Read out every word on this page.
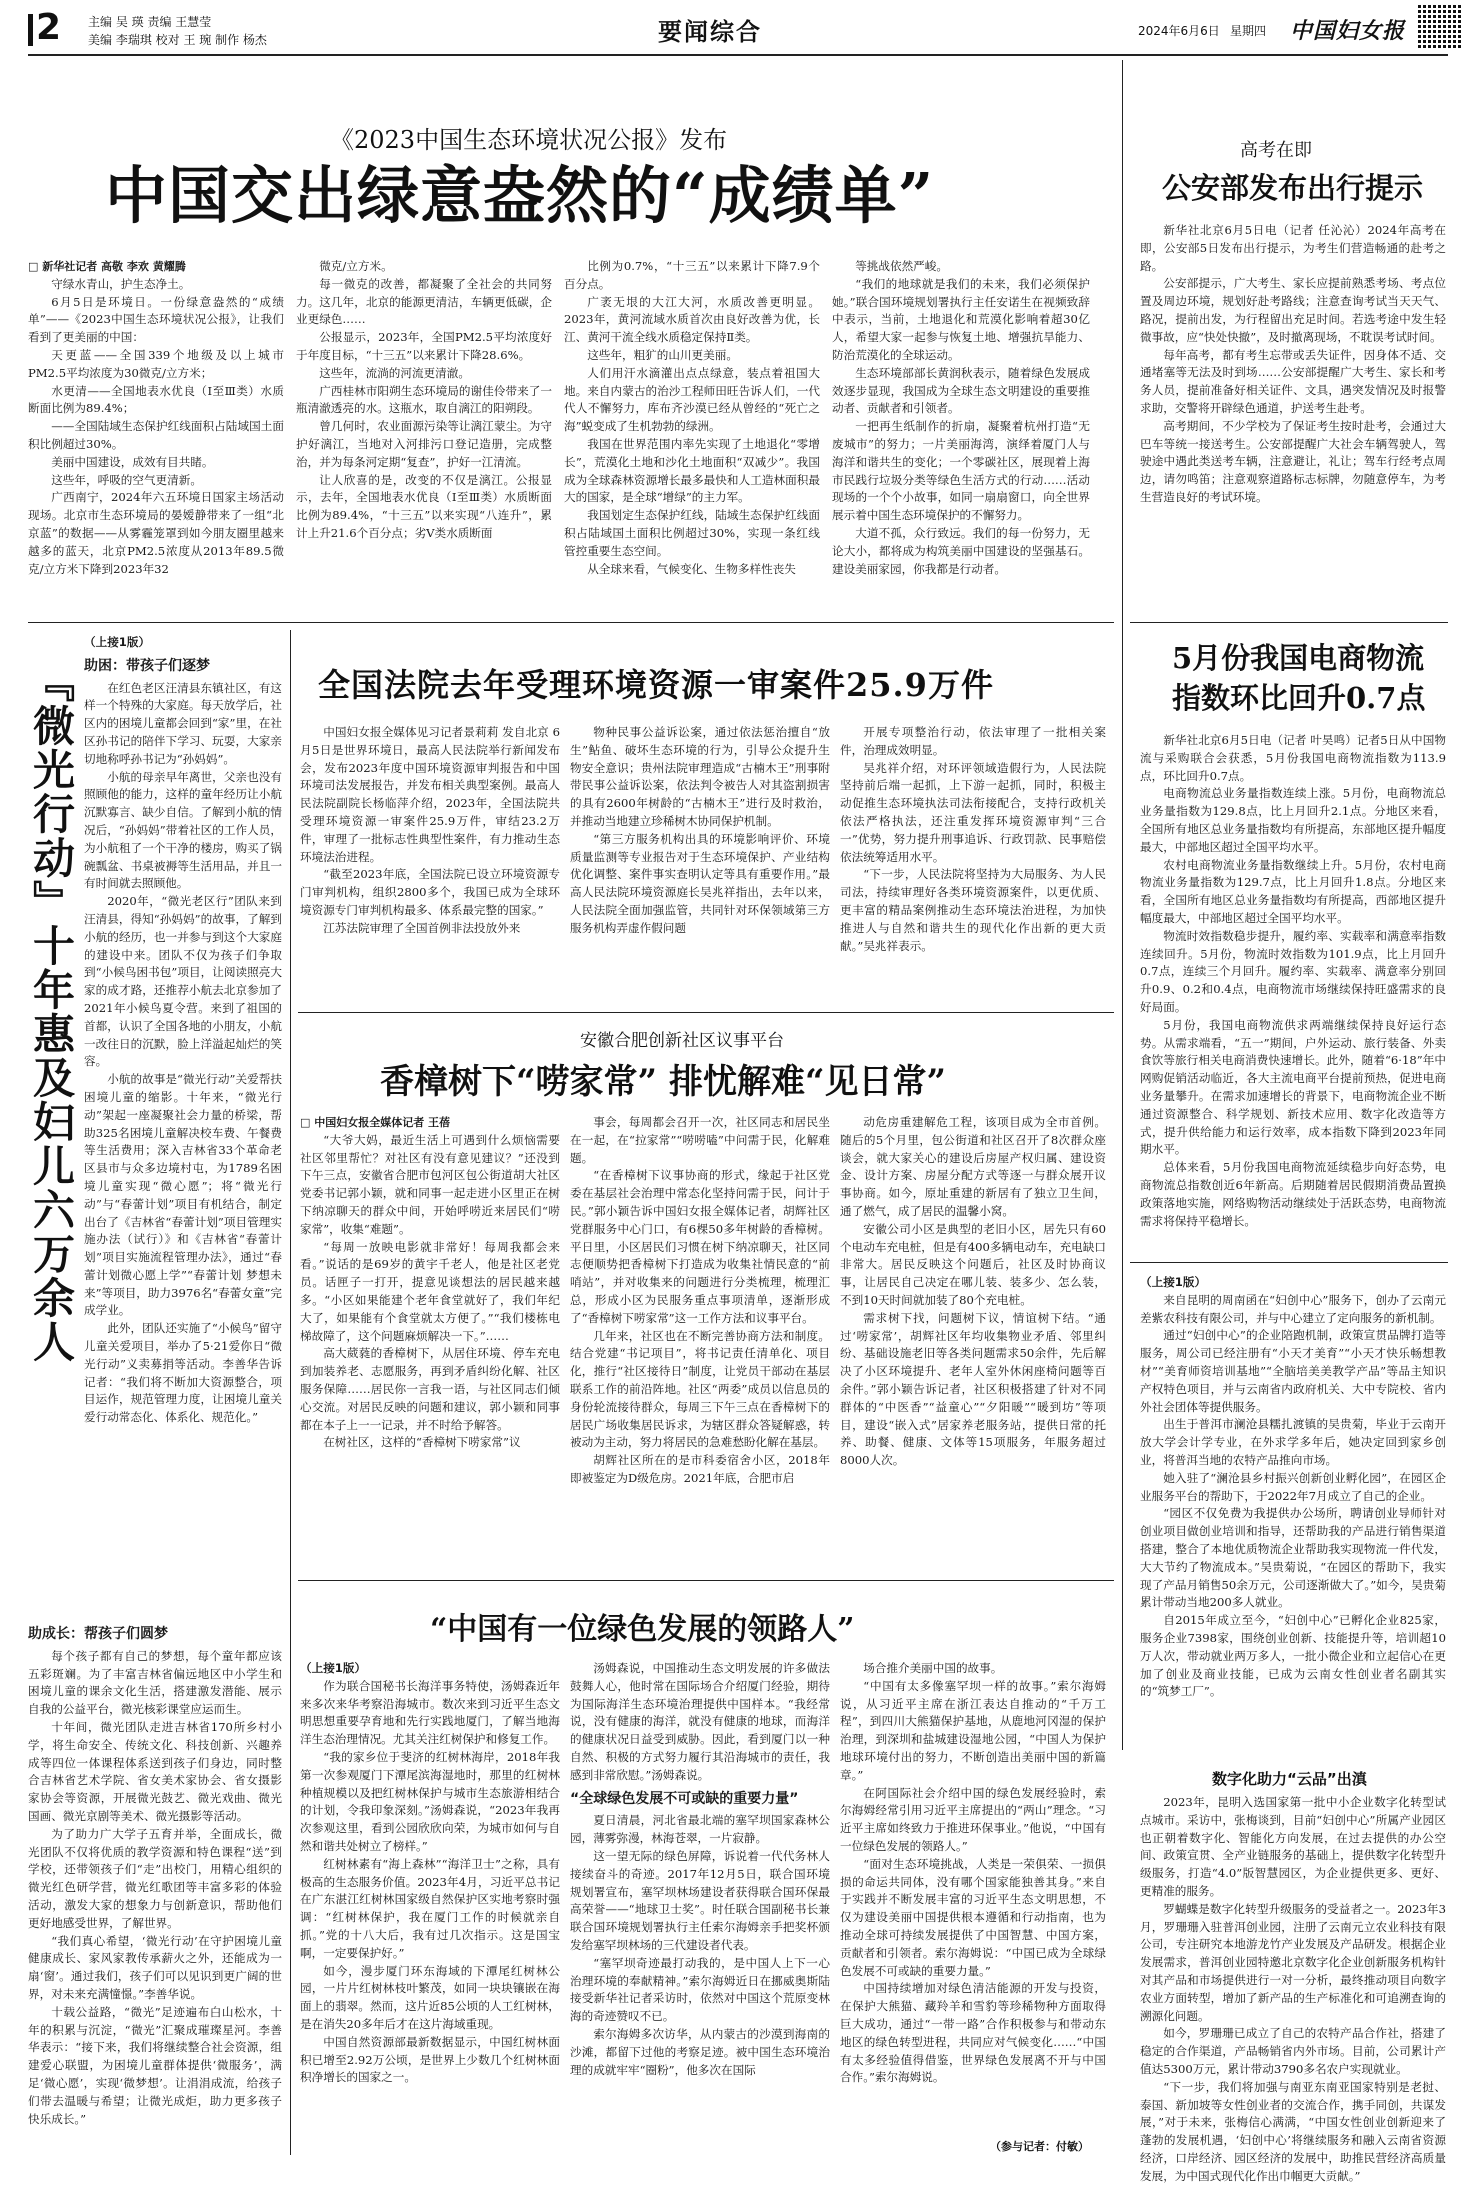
2 主编 吴 瑛 责编 王慧莹
美编 李瑞琪 校对 王 琬 制作 杨杰	要闻综合	2024年6月6日 星期四 中国妇女报
《2023中国生态环境状况公报》发布
中国交出绿意盎然的“成绩单”

□ 新华社记者 高敬 李欢 黄耀腾

守绿水青山，护生态净土。

6月5日是环境日。一份绿意盎然的“成绩单”——《2023中国生态环境状况公报》，让我们看到了更美丽的中国：

天更蓝——全国339个地级及以上城市PM2.5平均浓度为30微克/立方米；

水更清——全国地表水优良（Ⅰ至Ⅲ类）水质断面比例为89.4%；

——全国陆域生态保护红线面积占陆域国土面积比例超过30%。

美丽中国建设，成效有目共睹。

这些年，呼吸的空气更清新。

广西南宁，2024年六五环境日国家主场活动现场。北京市生态环境局的晏嫒静带来了一组“北京蓝”的数据——从雾霾笼罩到如今朋友圈里越来越多的蓝天，北京PM2.5浓度从2013年89.5微克/立方米下降到2023年32

微克/立方米。

每一微克的改善，都凝聚了全社会的共同努力。这几年，北京的能源更清洁，车辆更低碳，企业更绿色……

公报显示，2023年，全国PM2.5平均浓度好于年度目标，“十三五”以来累计下降28.6%。

这些年，流淌的河流更清澈。

广西桂林市阳朔生态环境局的谢佳伶带来了一瓶清澈透亮的水。这瓶水，取自漓江的阳朔段。

曾几何时，农业面源污染等让漓江蒙尘。为守护好漓江，当地对入河排污口登记造册，完成整治，并为每条河定期“复查”，护好一江清流。

让人欣喜的是，改变的不仅是漓江。公报显示，去年，全国地表水优良（Ⅰ至Ⅲ类）水质断面比例为89.4%，“十三五”以来实现“八连升”，累计上升21.6个百分点；劣Ⅴ类水质断面

比例为0.7%，“十三五”以来累计下降7.9个百分点。

广袤无垠的大江大河，水质改善更明显。2023年，黄河流域水质首次由良好改善为优，长江、黄河干流全线水质稳定保持Ⅱ类。

这些年，粗犷的山川更美丽。

人们用汗水滴灌出点点绿意，装点着祖国大地。来自内蒙古的治沙工程师田旺告诉人们，一代代人不懈努力，库布齐沙漠已经从曾经的“死亡之海”蜕变成了生机勃勃的绿洲。

我国在世界范围内率先实现了土地退化“零增长”，荒漠化土地和沙化土地面积“双减少”。我国成为全球森林资源增长最多最快和人工造林面积最大的国家，是全球“增绿”的主力军。

我国划定生态保护红线，陆域生态保护红线面积占陆域国土面积比例超过30%，实现一条红线管控重要生态空间。

从全球来看，气候变化、生物多样性丧失

等挑战依然严峻。

“我们的地球就是我们的未来，我们必须保护她。”联合国环境规划署执行主任安诺生在视频致辞中表示，当前，土地退化和荒漠化影响着超30亿人，希望大家一起参与恢复土地、增强抗旱能力、防治荒漠化的全球运动。

生态环境部部长黄润秋表示，随着绿色发展成效逐步显现，我国成为全球生态文明建设的重要推动者、贡献者和引领者。

一把再生纸制作的折扇，凝聚着杭州打造“无废城市”的努力；一片美丽海湾，演绎着厦门人与海洋和谐共生的变化；一个零碳社区，展现着上海市民践行垃圾分类等绿色生活方式的行动……活动现场的一个个小故事，如同一扇扇窗口，向全世界展示着中国生态环境保护的不懈努力。

大道不孤，众行致远。我们的每一份努力，无论大小，都将成为构筑美丽中国建设的坚强基石。建设美丽家园，你我都是行动者。

高考在即
公安部发布出行提示

新华社北京6月5日电（记者 任沁沁）2024年高考在即，公安部5日发布出行提示，为考生们营造畅通的赴考之路。

公安部提示，广大考生、家长应提前熟悉考场、考点位置及周边环境，规划好赴考路线；注意查询考试当天天气、路况，提前出发，为行程留出充足时间。若选考途中发生轻微事故，应“快处快撤”，及时撤离现场，不耽误考试时间。

每年高考，都有考生忘带或丢失证件，因身体不适、交通堵塞等无法及时到场……公安部提醒广大考生、家长和考务人员，提前准备好相关证件、文具，遇突发情况及时报警求助，交警将开辟绿色通道，护送考生赴考。

高考期间，不少学校为了保证考生按时赴考，会通过大巴车等统一接送考生。公安部提醒广大社会车辆驾驶人，驾驶途中遇此类送考车辆，注意避让，礼让；驾车行经考点周边，请勿鸣笛；注意观察道路标志标牌，勿随意停车，为考生营造良好的考试环境。

5月份我国电商物流
指数环比回升0.7点

新华社北京6月5日电（记者 叶昊鸣）记者5日从中国物流与采购联合会获悉，5月份我国电商物流指数为113.9点，环比回升0.7点。

电商物流总业务量指数连续上涨。5月份，电商物流总业务量指数为129.8点，比上月回升2.1点。分地区来看，全国所有地区总业务量指数均有所提高，东部地区提升幅度最大，中部地区超过全国平均水平。

农村电商物流业务量指数继续上升。5月份，农村电商物流业务量指数为129.7点，比上月回升1.8点。分地区来看，全国所有地区总业务量指数均有所提高，西部地区提升幅度最大，中部地区超过全国平均水平。

物流时效指数稳步提升，履约率、实载率和满意率指数连续回升。5月份，物流时效指数为101.9点，比上月回升0.7点，连续三个月回升。履约率、实载率、满意率分别回升0.9、0.2和0.4点，电商物流市场继续保持旺盛需求的良好局面。

5月份，我国电商物流供求两端继续保持良好运行态势。从需求端看，“五一”期间，户外运动、旅行装备、外卖食饮等旅行相关电商消费快速增长。此外，随着“6·18”年中网购促销活动临近，各大主流电商平台提前预热，促进电商业务量攀升。在需求加速增长的背景下，电商物流企业不断通过资源整合、科学规划、新技术应用、数字化改造等方式，提升供给能力和运行效率，成本指数下降到2023年同期水平。

总体来看，5月份我国电商物流延续稳步向好态势，电商物流总指数创近6年新高。后期随着居民假期消费品置换政策落地实施，网络购物活动继续处于活跃态势，电商物流需求将保持平稳增长。

（上接1版）

来自昆明的周南函在“妇创中心”服务下，创办了云南元差紫农科技有限公司，并与中心建立了定向服务的新机制。

通过“妇创中心”的企业陪跑机制，政策宣贯品牌打造等服务，周公司已经注册有“小天才美育”“小天才快乐畅想教材”“美育师资培训基地”“全脑培美美教学产品”等品主知识产权特色项目，并与云南省内政府机关、大中专院校、省内外社会团体等提供服务。

出生于普洱市澜沧县糯扎渡镇的吴贵菊，毕业于云南开放大学会计学专业，在外求学多年后，她决定回到家乡创业，将普洱当地的农特产品推向市场。

她入驻了“澜沧县乡村振兴创新创业孵化园”，在园区企业服务平台的帮助下，于2022年7月成立了自己的企业。

“园区不仅免费为我提供办公场所，聘请创业导师针对创业项目做创业培训和指导，还帮助我的产品进行销售渠道搭建，整合了本地优质物流企业帮助我实现物流一件代发，大大节约了物流成本。”吴贵菊说，“在园区的帮助下，我实现了产品月销售50余万元，公司逐渐做大了。”如今，吴贵菊累计带动当地200多人就业。

自2015年成立至今，“妇创中心”已孵化企业825家，服务企业7398家，围绕创业创新、技能提升等，培训超10万人次，带动就业两万多人，一批小微企业和立起信心在更加了创业及商业技能，已成为云南女性创业者名副其实的“筑梦工厂”。

数字化助力“云品”出滇

2023年，昆明入选国家第一批中小企业数字化转型试点城市。采访中，张梅谈到，目前“妇创中心”所属产业园区也正朝着数字化、智能化方向发展，在过去提供的办公空间、政策宣贯、全产业链服务的基础上，提供数字化转型升级服务，打造“4.0”版智慧园区，为企业提供更多、更好、更精准的服务。

罗蝴蝶是数字化转型升级服务的受益者之一。2023年3月，罗珊珊入驻普洱创业园，注册了云南元立农业科技有限公司，专注研究本地游龙竹产业发展及产品研发。根据企业发展需求，普洱创业园特邀北京数字化企业创新服务机构针对其产品和市场提供进行一对一分析，最终推动项目向数字农业方面转型，增加了新产品的生产标准化和可追溯查询的溯源化问题。

如今，罗珊珊已成立了自己的农特产品合作社，搭建了稳定的合作渠道，产品畅销省内外市场。目前，公司累计产值达5300万元，累计带动3790多名农户实现就业。

“下一步，我们将加强与南亚东南亚国家特别是老挝、泰国、新加坡等女性创业者的交流合作，携手同创，共谋发展，”对于未来，张梅信心满满，“中国女性创业创新迎来了蓬勃的发展机遇，‘妇创中心’将继续服务和融入云南省资源经济，口岸经济、园区经济的发展中，助推民营经济高质量发展，为中国式现代化作出巾帼更大贡献。”

『微光行动』十年惠及妇儿六万余人

（上接1版）

助困：带孩子们逐梦

在红色老区汪清县东镇社区，有这样一个特殊的大家庭。每天放学后，社区内的困境儿童都会回到“家”里，在社区孙书记的陪伴下学习、玩耍，大家亲切地称呼孙书记为“孙妈妈”。

小航的母亲早年离世，父亲也没有照顾他的能力，这样的童年经历让小航沉默寡言、缺少自信。了解到小航的情况后，“孙妈妈”带着社区的工作人员，为小航租了一个干净的楼房，购买了锅碗瓢盆、书桌被褥等生活用品，并且一有时间就去照顾他。

2020年，“微光老区行”团队来到汪清县，得知“孙妈妈”的故事，了解到小航的经历，也一并参与到这个大家庭的建设中来。团队不仅为孩子们争取到“小候鸟困书包”项目，让阅读照亮大家的成才路，还推荐小航去北京参加了2021年小候鸟夏令营。来到了祖国的首都，认识了全国各地的小朋友，小航一改往日的沉默，脸上洋溢起灿烂的笑容。

小航的故事是“微光行动”关爱帮扶困境儿童的缩影。十年来，“微光行动”架起一座凝聚社会力量的桥梁，帮助325名困境儿童解决校车费、午餐费等生活费用；深入吉林省33个革命老区县市与众多边境村屯，为1789名困境儿童实现“微心愿”；将“微光行动”与“春蕾计划”项目有机结合，制定出台了《吉林省“春蕾计划”项目管理实施办法（试行）》和《吉林省“春蕾计划”项目实施流程管理办法》，通过“春蕾计划微心愿上学”“春蕾计划 梦想未来”等项目，助力3976名“春蕾女童”完成学业。

此外，团队还实施了“小候鸟”留守儿童关爱项目，举办了5·21爱你日“微光行动”义卖募捐等活动。李善华告诉记者：“我们将不断加大资源整合，项目运作，规范管理力度，让困境儿童关爱行动常态化、体系化、规范化。”

助成长：帮孩子们圆梦

每个孩子都有自己的梦想，每个童年都应该五彩斑斓。为了丰富吉林省偏远地区中小学生和困境儿童的课余文化生活，搭建激发潜能、展示自我的公益平台，微光核彩课堂应运而生。

十年间，微光团队走进吉林省170所乡村小学，将生命安全、传统文化、科技创新、兴趣养成等四位一体课程体系送到孩子们身边，同时整合吉林省艺术学院、省女美术家协会、省女摄影家协会等资源，开展微光鼓艺、微光戏曲、微光国画、微光京剧等美术、微光摄影等活动。

为了助力广大学子五育并举，全面成长，微光团队不仅将优质的教学资源和特色课程“送”到学校，还带领孩子们“走”出校门，用精心组织的微光红色研学营，微光红歌团等丰富多彩的体验活动，激发大家的想象力与创新意识，帮助他们更好地感受世界，了解世界。

“我们真心希望，‘微光行动’在守护困境儿童健康成长、家风家教传承薪火之外，还能成为一扇‘窗’。通过我们，孩子们可以见识到更广阔的世界，对未来充满憧憬。”李善华说。

十载公益路，“微光”足迹遍布白山松水，十年的积累与沉淀，“微光”汇聚成璀璨星河。李善华表示：“接下来，我们将继续整合社会资源，组建爱心联盟，为困境儿童群体提供‘微服务’，满足‘微心愿’，实现‘微梦想’。让涓涓成流，给孩子们带去温暖与希望；让微光成炬，助力更多孩子快乐成长。”

全国法院去年受理环境资源一审案件25.9万件

中国妇女报全媒体见习记者景莉莉 发自北京 6月5日是世界环境日，最高人民法院举行新闻发布会，发布2023年度中国环境资源审判报告和中国环境司法发展报告，并发布相关典型案例。最高人民法院副院长杨临萍介绍，2023年，全国法院共受理环境资源一审案件25.9万件，审结23.2万件，审理了一批标志性典型性案件，有力推动生态环境法治进程。

“截至2023年底，全国法院已设立环境资源专门审判机构，组织2800多个，我国已成为全球环境资源专门审判机构最多、体系最完整的国家。”

江苏法院审理了全国首例非法投放外来

物种民事公益诉讼案，通过依法惩治擅自“放生”鲇鱼、破坏生态环境的行为，引导公众提升生物安全意识；贵州法院审理造成“古楠木王”刑事附带民事公益诉讼案，依法判令被告人对其盗割损害的具有2600年树龄的“古楠木王”进行及时救治，并推动当地建立珍稀树木协同保护机制。

“第三方服务机构出具的环境影响评价、环境质量监测等专业报告对于生态环境保护、产业结构优化调整、案件事实查明认定等具有重要作用。”最高人民法院环境资源庭长吴兆祥指出，去年以来，人民法院全面加强监管，共同针对环保领域第三方服务机构弄虚作假问题

开展专项整治行动，依法审理了一批相关案件，治理成效明显。

吴兆祥介绍，对环评领域造假行为，人民法院坚持前后端一起抓，上下游一起抓，同时，积极主动促推生态环境执法司法衔接配合，支持行政机关依法严格执法，还注重发挥环境资源审判“三合一”优势，努力提升刑事追诉、行政罚款、民事赔偿依法统筹适用水平。

“下一步，人民法院将坚持为大局服务、为人民司法，持续审理好各类环境资源案件，以更优质、更丰富的精品案例推动生态环境法治进程，为加快推进人与自然和谐共生的现代化作出新的更大贡献。”吴兆祥表示。

安徽合肥创新社区议事平台
香樟树下“唠家常” 排忧解难“见日常”

□ 中国妇女报全媒体记者 王蓓

“大爷大妈，最近生活上可遇到什么烦恼需要社区邻里帮忙？对社区有没有意见建议？”还没到下午三点，安徽省合肥市包河区包公街道胡大社区党委书记郭小颖，就和同事一起走进小区里正在树下纳凉聊天的群众中间，开始呼唠近来居民们“唠家常”，收集“难题”。

“每周一放映电影就非常好！每周我都会来看。”说话的是69岁的黄宇千老人，他是社区老党员。话匣子一打开，提意见谈想法的居民越来越多。“小区如果能建个老年食堂就好了，我们年纪大了，如果能有个食堂就太方便了。”“我们楼栋电梯故障了，这个问题麻烦解决一下。”……

高大葳蕤的香樟树下，从居住环境、停车充电到加装养老、志愿服务，再到矛盾纠纷化解、社区服务保障……居民你一言我一语，与社区同志们倾心交流。对居民反映的问题和建议，郭小颖和同事都在本子上一一记录，并不时给予解答。

在树社区，这样的“香樟树下唠家常”议

事会，每周都会召开一次，社区同志和居民坐在一起，在“拉家常”“唠唠嗑”中问需于民，化解难题。

“在香樟树下议事协商的形式，缘起于社区党委在基层社会治理中常态化坚持问需于民，问计于民。”郭小颖告诉中国妇女报全媒体记者，胡辉社区党群服务中心门口，有6棵50多年树龄的香樟树。平日里，小区居民们习惯在树下纳凉聊天，社区同志便顺势把香樟树下打造成为收集社情民意的“前哨站”，并对收集来的问题进行分类梳理，梳理汇总，形成小区为民服务重点事项清单，逐渐形成了“香樟树下唠家常”这一工作方法和议事平台。

几年来，社区也在不断完善协商方法和制度。结合党建“书记项目”，将书记责任清单化、项目化，推行“社区接待日”制度，让党员干部动在基层联系工作的前沿阵地。社区“两委”成员以信息员的身份轮流接待群众，每周三下午三点在香樟树下的居民广场收集居民诉求，为辖区群众答疑解惑，转被动为主动，努力将居民的急难愁盼化解在基层。

胡辉社区所在的是市科委宿舍小区，2018年即被鉴定为D级危房。2021年底，合肥市启

动危房重建解危工程，该项目成为全市首例。随后的5个月里，包公街道和社区召开了8次群众座谈会，就大家关心的建设后房屋产权归属、建设资金、设计方案、房屋分配方式等逐一与群众展开议事协商。如今，原址重建的新居有了独立卫生间，通了燃气，成了居民的温馨小窝。

安徽公司小区是典型的老旧小区，居先只有60个电动车充电桩，但是有400多辆电动车，充电缺口非常大。居民反映这个问题后，社区及时协商议事，让居民自己决定在哪儿装、装多少、怎么装，不到10天时间就加装了80个充电桩。

需求树下找，问题树下议，情谊树下结。“通过‘唠家常’，胡辉社区年均收集物业矛盾、邻里纠纷、基础设施老旧等各类问题需求50余件，先后解决了小区环境提升、老年人室外休闲座椅问题等百余件。”郭小颖告诉记者，社区积极搭建了针对不同群体的“中医香”“益童心”“夕阳暖”“暖到坊”等项目，建设“嵌入式”居家养老服务站，提供日常的托养、助餐、健康、文体等15项服务，年服务超过8000人次。

“中国有一位绿色发展的领路人”

（上接1版）

作为联合国秘书长海洋事务特使，汤姆森近年来多次来华考察沿海城市。数次来到习近平生态文明思想重要孕育地和先行实践地厦门，了解当地海洋生态治理情况。尤其关注红树保护和修复工作。

“我的家乡位于斐济的红树林海岸，2018年我第一次参观厦门下潭尾滨海湿地时，那里的红树林种植规模以及把红树林保护与城市生态旅游相结合的计划，令我印象深刻。”汤姆森说，“2023年我再次参观这里，看到公园欣欣向荣，为城市如何与自然和谐共处树立了榜样。”

红树林素有“海上森林”“海洋卫士”之称，具有极高的生态服务价值。2023年4月，习近平总书记在广东湛江红树林国家级自然保护区实地考察时强调：“红树林保护，我在厦门工作的时候就亲自抓。”党的十八大后，我有过几次指示。这是国宝啊，一定要保护好。”

如今，漫步厦门环东海域的下潭尾红树林公园，一片片红树林枝叶繁茂，如同一块块镶嵌在海面上的翡翠。然而，这片近85公顷的人工红树林，是在消失20多年后才在这片海域重现。

中国自然资源部最新数据显示，中国红树林面积已增至2.92万公顷，是世界上少数几个红树林面积净增长的国家之一。

汤姆森说，中国推动生态文明发展的许多做法鼓舞人心，他时常在国际场合介绍厦门经验，期待为国际海洋生态环境治理提供中国样本。“我经常说，没有健康的海洋，就没有健康的地球，而海洋的健康状况日益受到威胁。因此，看到厦门以一种自然、积极的方式努力履行其沿海城市的责任，我感到非常欣慰。”汤姆森说。

“全球绿色发展不可或缺的重要力量”

夏日清晨，河北省最北端的塞罕坝国家森林公园，薄雾弥漫，林海苍翠，一片寂静。

这一望无际的绿色屏障，诉说着一代代务林人接续奋斗的奇迹。2017年12月5日，联合国环境规划署宣布，塞罕坝林场建设者获得联合国环保最高荣誉——“地球卫士奖”。时任联合国副秘书长兼联合国环境规划署执行主任索尔海姆亲手把奖杯颁发给塞罕坝林场的三代建设者代表。

“塞罕坝奇迹最打动我的，是中国人上下一心治理环境的奉献精神。”索尔海姆近日在挪威奥斯陆接受新华社记者采访时，依然对中国这个荒原变林海的奇迹赞叹不已。

索尔海姆多次访华，从内蒙古的沙漠到海南的沙滩，都留下过他的考察足迹。被中国生态环境治理的成就牢牢“圈粉”，他多次在国际

场合推介美丽中国的故事。

“中国有太多像塞罕坝一样的故事。”索尔海姆说，从习近平主席在浙江表达自推动的“千万工程”，到四川大熊猫保护基地，从鹿地河冈湿的保护治理，到深圳和盐城建设湿地公园，“中国人为保护地球环境付出的努力，不断创造出美丽中国的新篇章。”

在阿国际社会介绍中国的绿色发展经验时，索尔海姆经常引用习近平主席提出的“两山”理念。“习近平主席如终致力于推进环保事业。”他说，“中国有一位绿色发展的领路人。”

“面对生态环境挑战，人类是一荣俱荣、一损俱损的命运共同体，没有哪个国家能独善其身。”来自于实践并不断发展丰富的习近平生态文明思想，不仅为建设美丽中国提供根本遵循和行动指南，也为推动全球可持续发展提供了中国智慧、中国方案，贡献者和引领者。索尔海姆说：“中国已成为全球绿色发展不可或缺的重要力量。”

中国持续增加对绿色清洁能源的开发与投资，在保护大熊猫、藏羚羊和雪豹等珍稀物种方面取得巨大成功，通过“一带一路”合作积极参与和带动东地区的绿色转型进程，共同应对气候变化……“中国有太多经验值得借鉴，世界绿色发展离不开与中国合作。”索尔海姆说。

（参与记者：付敏）
